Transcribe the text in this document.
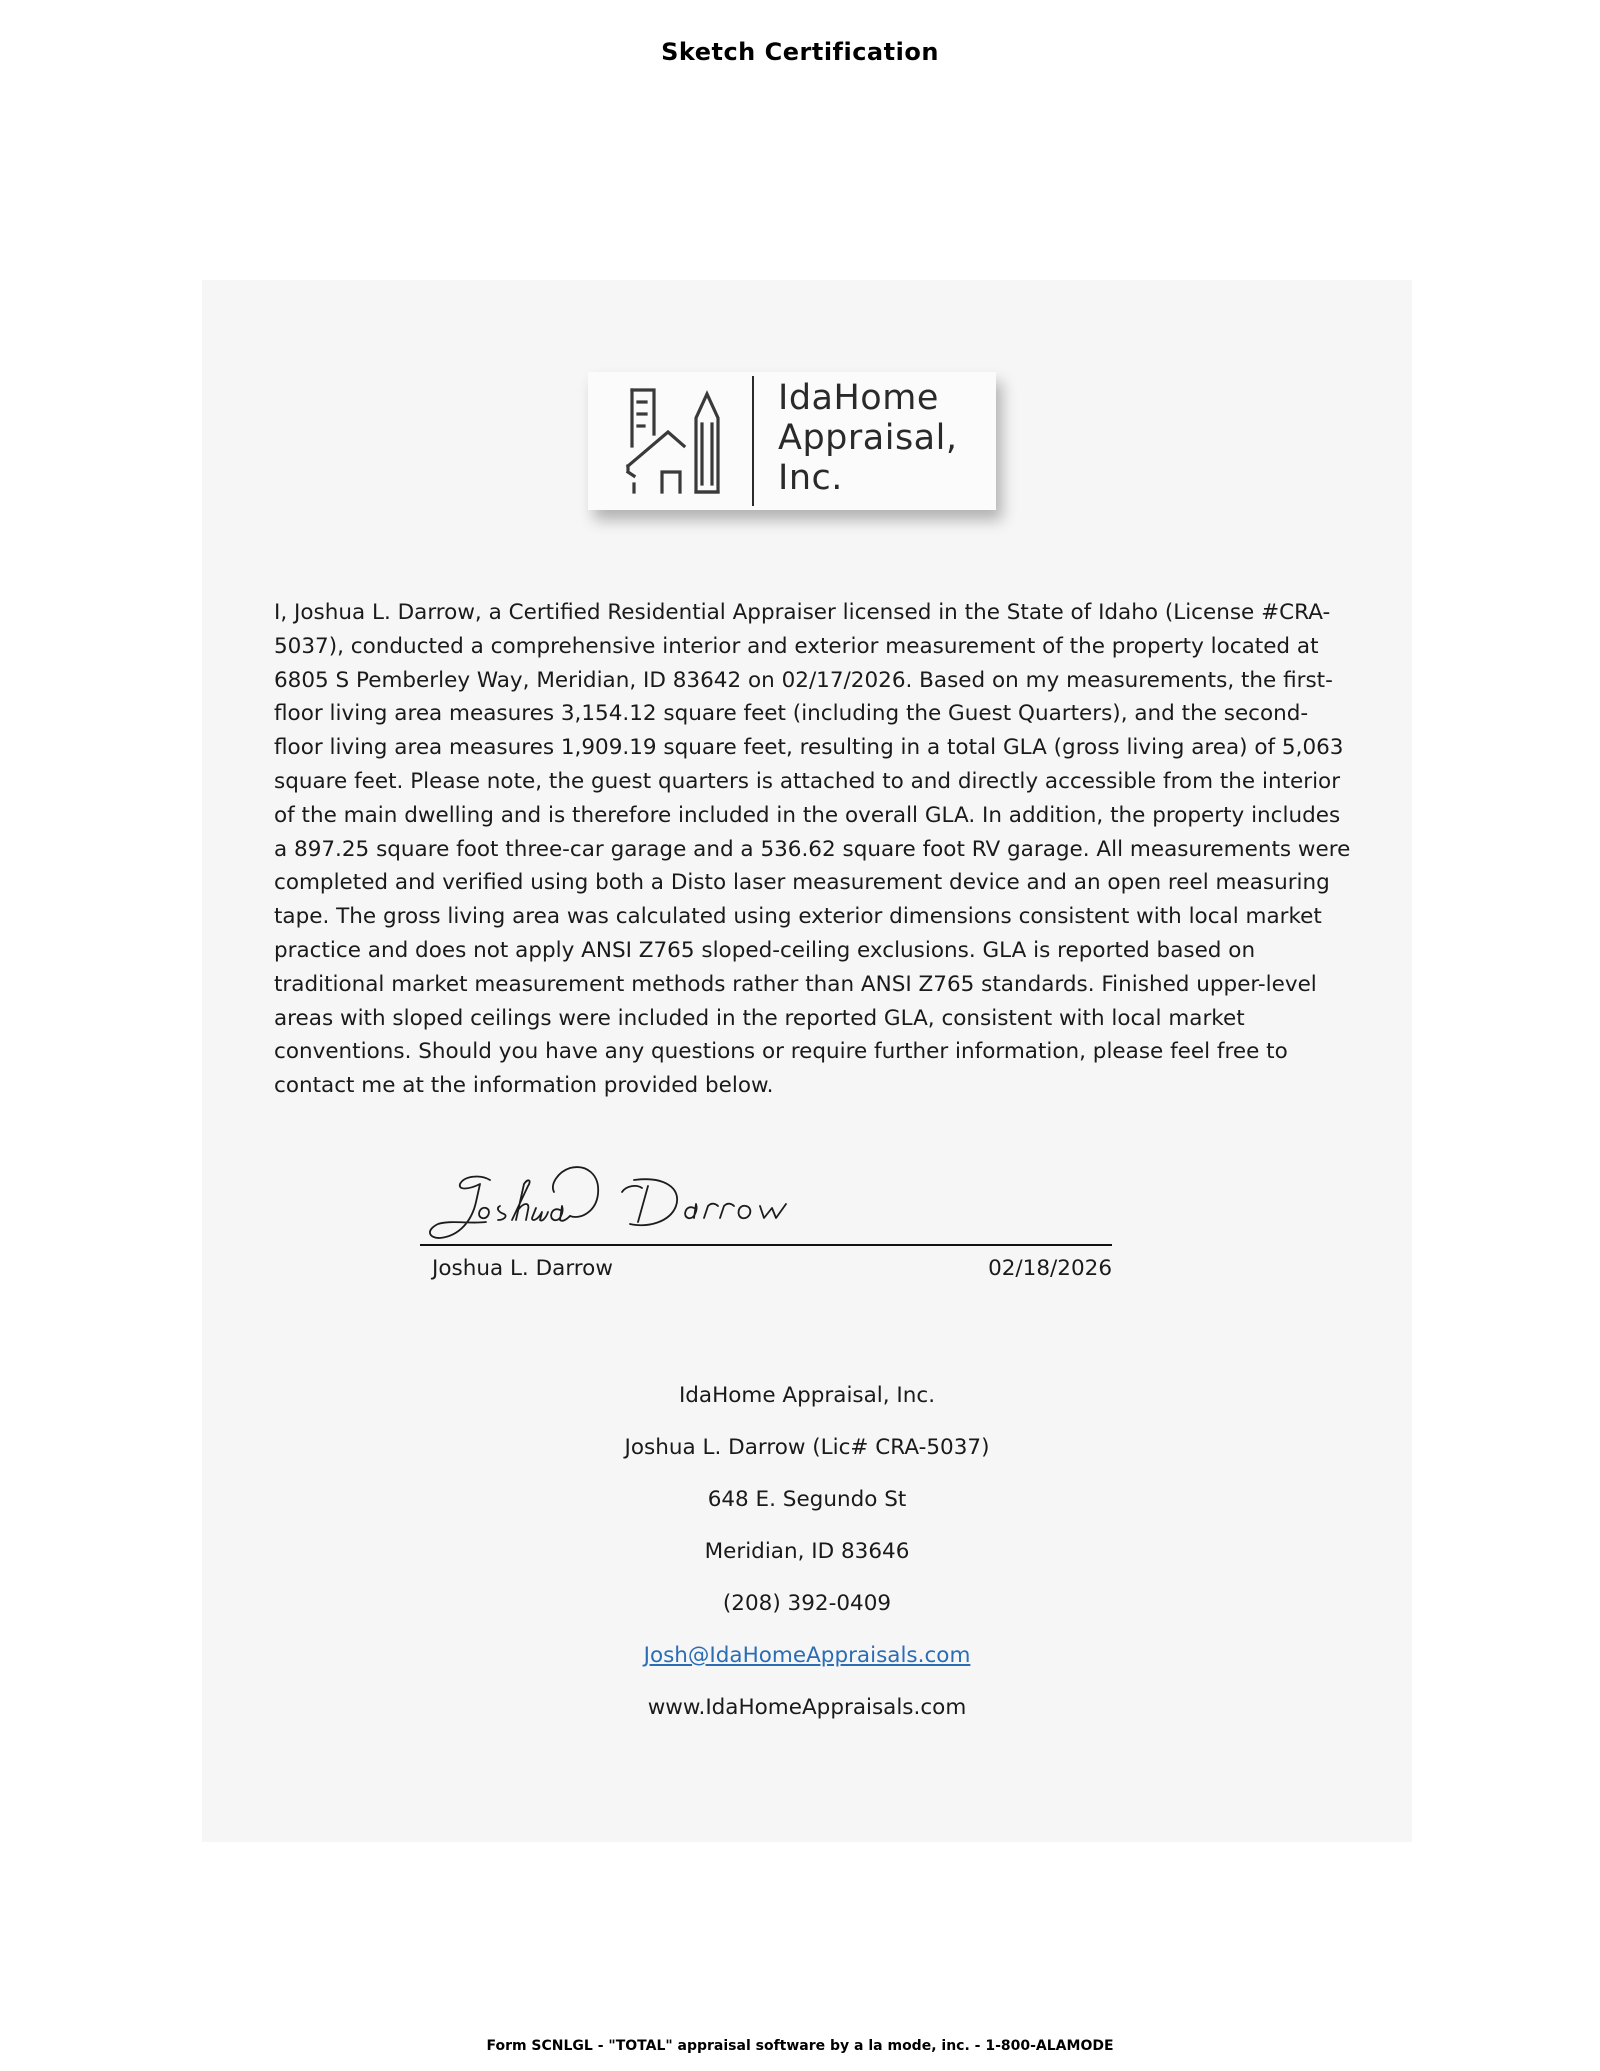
Sketch Certification
IdaHome
Appraisal,
Inc.

I, Joshua L. Darrow, a Certified Residential Appraiser licensed in the State of Idaho (License #CRA-5037), conducted a comprehensive interior and exterior measurement of the property located at 6805 S Pemberley Way, Meridian, ID 83642 on 02/17/2026. Based on my measurements, the first-floor living area measures 3,154.12 square feet (including the Guest Quarters), and the second-floor living area measures 1,909.19 square feet, resulting in a total GLA (gross living area) of 5,063 square feet. Please note, the guest quarters is attached to and directly accessible from the interior of the main dwelling and is therefore included in the overall GLA. In addition, the property includes a 897.25 square foot three-car garage and a 536.62 square foot RV garage. All measurements were completed and verified using both a Disto laser measurement device and an open reel measuring tape. The gross living area was calculated using exterior dimensions consistent with local market practice and does not apply ANSI Z765 sloped-ceiling exclusions. GLA is reported based on traditional market measurement methods rather than ANSI Z765 standards. Finished upper-level areas with sloped ceilings were included in the reported GLA, consistent with local market conventions. Should you have any questions or require further information, please feel free to contact me at the information provided below.

Joshua L. Darrow	02/18/2026
IdaHome Appraisal, Inc.
Joshua L. Darrow (Lic# CRA-5037)
648 E. Segundo St
Meridian, ID 83646
(208) 392-0409
Josh@IdaHomeAppraisals.com
www.IdaHomeAppraisals.com
Form SCNLGL - "TOTAL" appraisal software by a la mode, inc. - 1-800-ALAMODE
